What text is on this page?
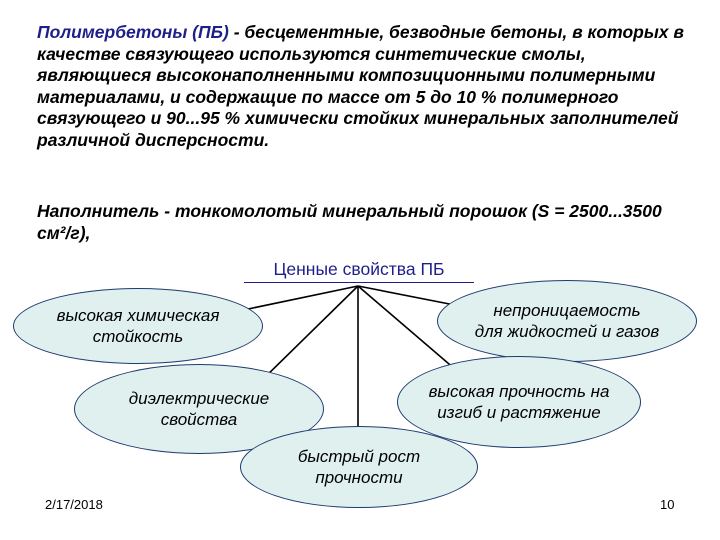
Полимербетоны (ПБ) - бесцементные, безводные бетоны, в которых в качестве связующего используются синтетические смолы, являющиеся высоконаполненными композиционными полимерными материалами, и содержащие по массе от 5 до 10 % полимерного связующего и 90...95 % химически стойких минеральных заполнителей различной дисперсности.
Наполнитель - тонкомолотый минеральный порошок (S = 2500...3500 см²/г),
Ценные свойства ПБ
высокая химическая
стойкость
непроницаемость
для жидкостей и газов
диэлектрические
свойства
высокая прочность на
изгиб и растяжение
быстрый рост
прочности
2/17/2018	10
